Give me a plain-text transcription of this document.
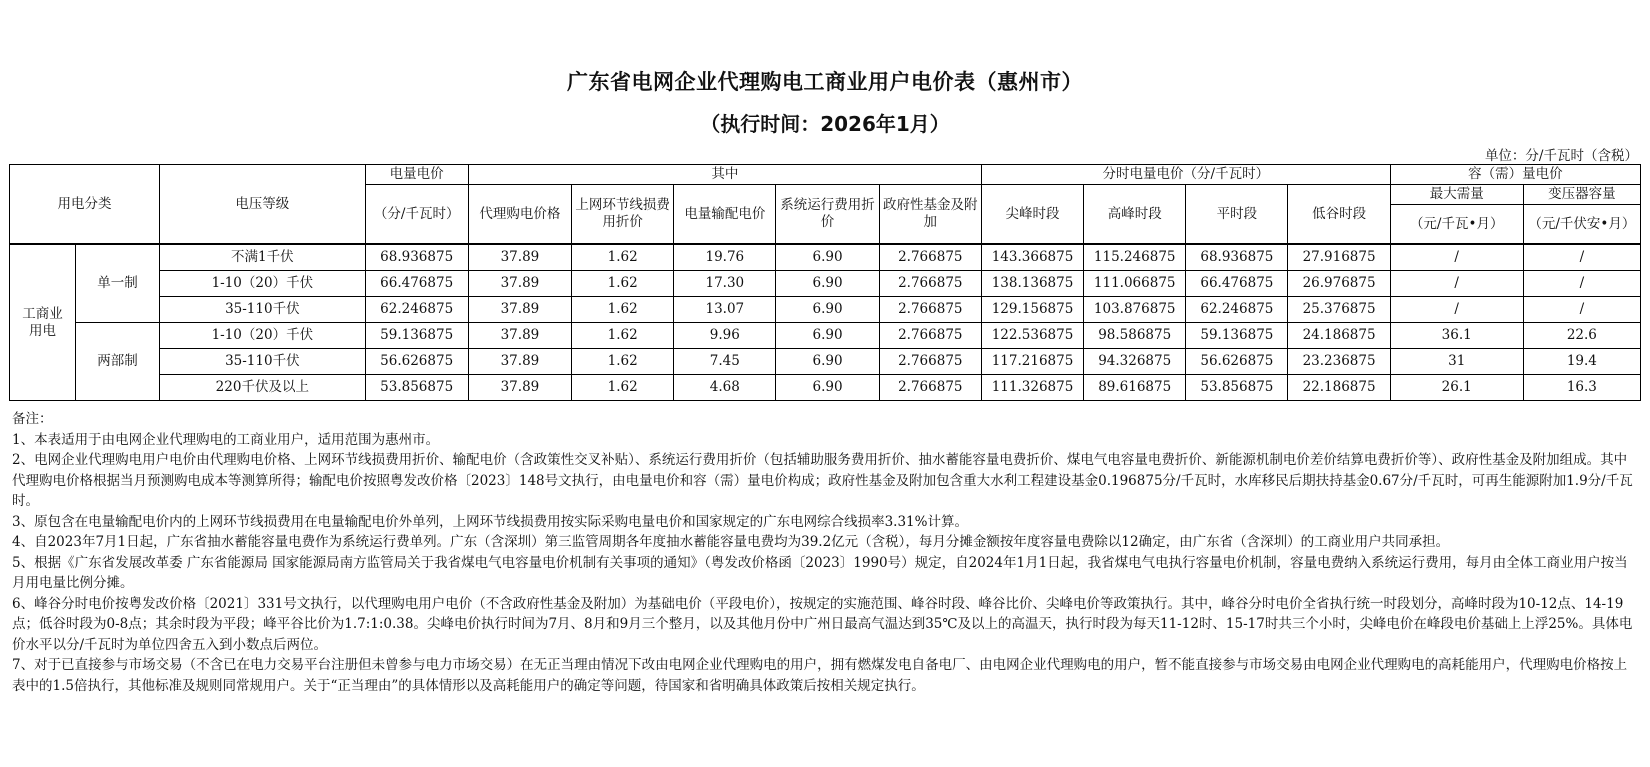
广东省电网企业代理购电工商业用户电价表（惠州市）
（执行时间：2026年1月）
单位：分/千瓦时（含税）
用电分类		电压等级	电量电价	其中					分时电量电价（分/千瓦时）				容（需）量电价	
			（分/千瓦时）	代理购电价格	上网环节线损费用折价	电量输配电价	系统运行费用折价	政府性基金及附加	尖峰时段	高峰时段	平时段	低谷时段	最大需量	变压器容量
													（元/千瓦•月）	（元/千伏安•月）
工商业用电	单一制	不满1千伏	68.936875	37.89	1.62	19.76	6.90	2.766875	143.366875	115.246875	68.936875	27.916875	/	/
		1-10（20）千伏	66.476875	37.89	1.62	17.30	6.90	2.766875	138.136875	111.066875	66.476875	26.976875	/	/
		35-110千伏	62.246875	37.89	1.62	13.07	6.90	2.766875	129.156875	103.876875	62.246875	25.376875	/	/
	两部制	1-10（20）千伏	59.136875	37.89	1.62	9.96	6.90	2.766875	122.536875	98.586875	59.136875	24.186875	36.1	22.6
		35-110千伏	56.626875	37.89	1.62	7.45	6.90	2.766875	117.216875	94.326875	56.626875	23.236875	31	19.4
		220千伏及以上	53.856875	37.89	1.62	4.68	6.90	2.766875	111.326875	89.616875	53.856875	22.186875	26.1	16.3

备注：

1、本表适用于由电网企业代理购电的工商业用户，适用范围为惠州市。

2、电网企业代理购电用户电价由代理购电价格、上网环节线损费用折价、输配电价（含政策性交叉补贴）、系统运行费用折价（包括辅助服务费用折价、抽水蓄能容量电费折价、煤电气电容量电费折价、新能源机制电价差价结算电费折价等）、政府性基金及附加组成。其中代理购电价格根据当月预测购电成本等测算所得；输配电价按照粤发改价格〔2023〕148号文执行，由电量电价和容（需）量电价构成；政府性基金及附加包含重大水利工程建设基金0.196875分/千瓦时，水库移民后期扶持基金0.67分/千瓦时，可再生能源附加1.9分/千瓦时。

3、原包含在电量输配电价内的上网环节线损费用在电量输配电价外单列，上网环节线损费用按实际采购电量电价和国家规定的广东电网综合线损率3.31%计算。

4、自2023年7月1日起，广东省抽水蓄能容量电费作为系统运行费单列。广东（含深圳）第三监管周期各年度抽水蓄能容量电费均为39.2亿元（含税），每月分摊金额按年度容量电费除以12确定，由广东省（含深圳）的工商业用户共同承担。

5、根据《广东省发展改革委 广东省能源局 国家能源局南方监管局关于我省煤电气电容量电价机制有关事项的通知》（粤发改价格函〔2023〕1990号）规定，自2024年1月1日起，我省煤电气电执行容量电价机制，容量电费纳入系统运行费用，每月由全体工商业用户按当月用电量比例分摊。

6、峰谷分时电价按粤发改价格〔2021〕331号文执行，以代理购电用户电价（不含政府性基金及附加）为基础电价（平段电价），按规定的实施范围、峰谷时段、峰谷比价、尖峰电价等政策执行。其中，峰谷分时电价全省执行统一时段划分，高峰时段为10-12点、14-19点；低谷时段为0-8点；其余时段为平段；峰平谷比价为1.7:1:0.38。尖峰电价执行时间为7月、8月和9月三个整月，以及其他月份中广州日最高气温达到35℃及以上的高温天，执行时段为每天11-12时、15-17时共三个小时，尖峰电价在峰段电价基础上上浮25%。具体电价水平以分/千瓦时为单位四舍五入到小数点后两位。

7、对于已直接参与市场交易（不含已在电力交易平台注册但未曾参与电力市场交易）在无正当理由情况下改由电网企业代理购电的用户，拥有燃煤发电自备电厂、由电网企业代理购电的用户，暂不能直接参与市场交易由电网企业代理购电的高耗能用户，代理购电价格按上表中的1.5倍执行，其他标准及规则同常规用户。关于“正当理由”的具体情形以及高耗能用户的确定等问题，待国家和省明确具体政策后按相关规定执行。
